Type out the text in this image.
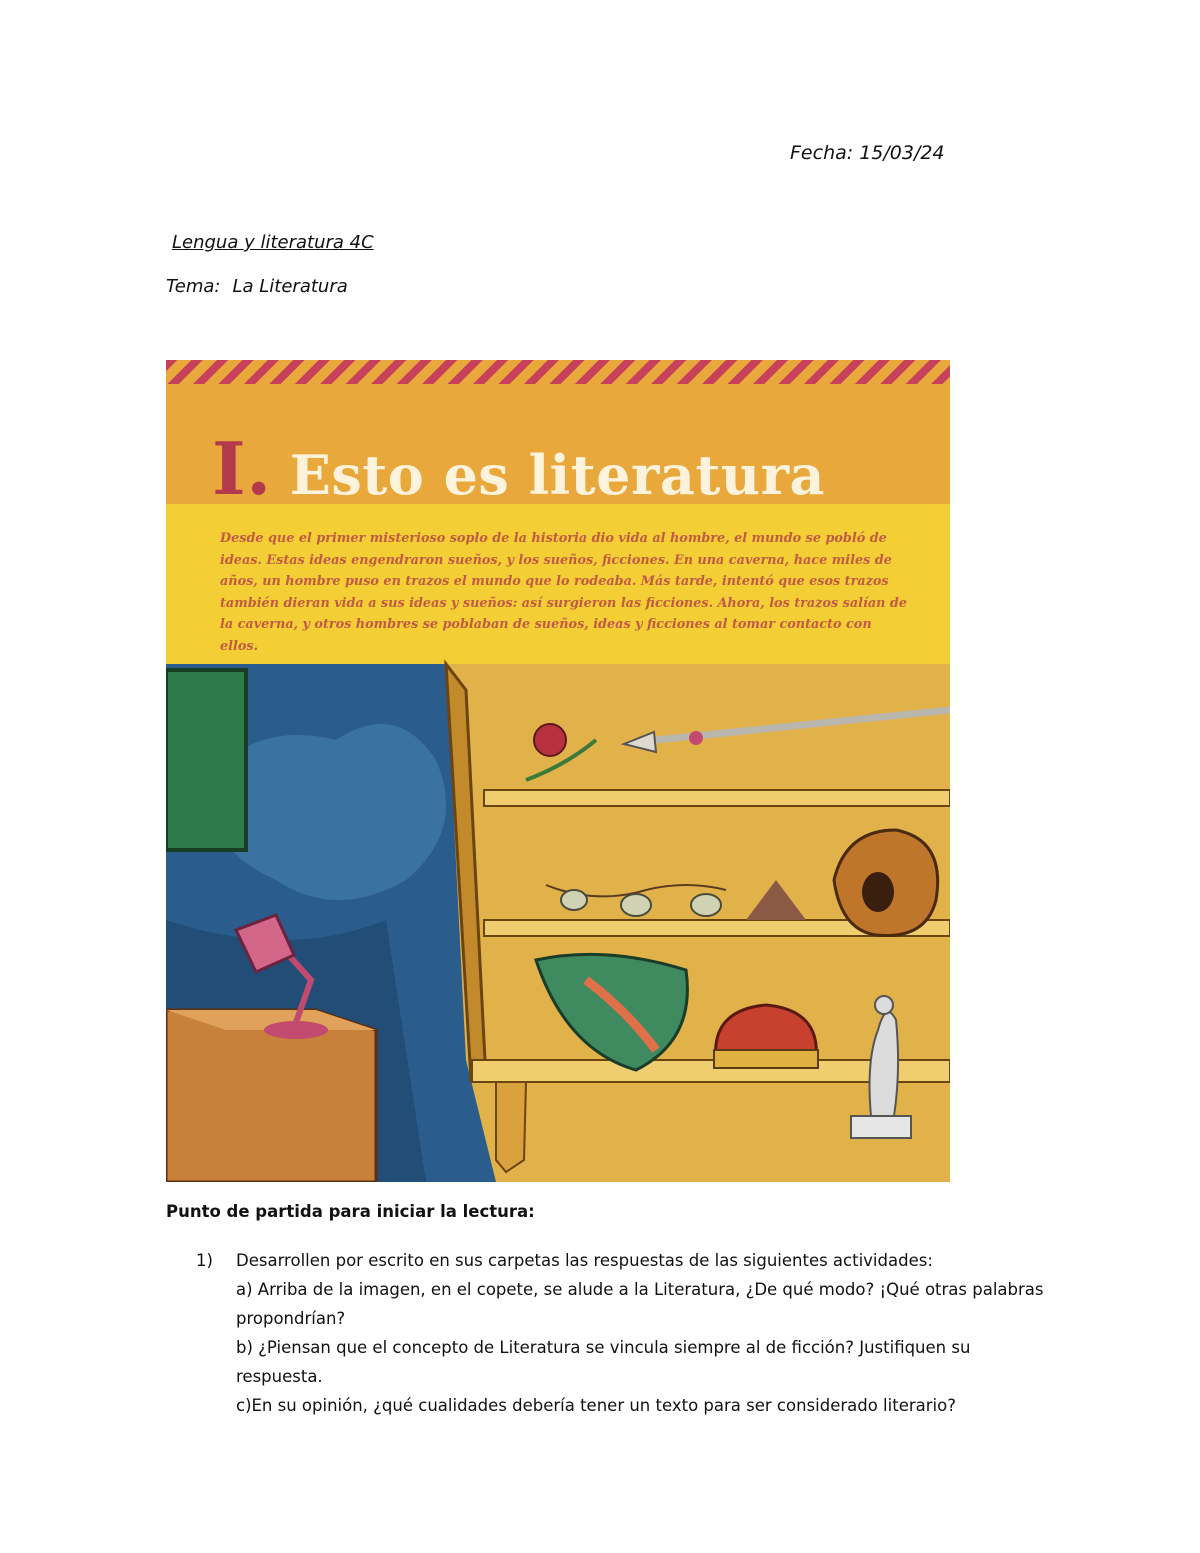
Fecha: 15/03/24
Lengua y literatura 4C
Tema: La Literatura
I. Esto es literatura
Desde que el primer misterioso soplo de la historia dio vida al hombre, el mundo se pobló de ideas. Estas ideas engendraron sueños, y los sueños, ficciones. En una caverna, hace miles de años, un hombre puso en trazos el mundo que lo rodeaba. Más tarde, intentó que esos trazos también dieran vida a sus ideas y sueños: así surgieron las ficciones. Ahora, los trazos salían de la caverna, y otros hombres se poblaban de sueños, ideas y ficciones al tomar contacto con ellos.
Punto de partida para iniciar la lectura:
1)	Desarrollen por escrito en sus carpetas las respuestas de las siguientes actividades:
a) Arriba de la imagen, en el copete, se alude a la Literatura, ¿De qué modo? ¡Qué otras palabras propondrían?
b) ¿Piensan que el concepto de Literatura se vincula siempre al de ficción? Justifiquen su respuesta.
c)En su opinión, ¿qué cualidades debería tener un texto para ser considerado literario?
